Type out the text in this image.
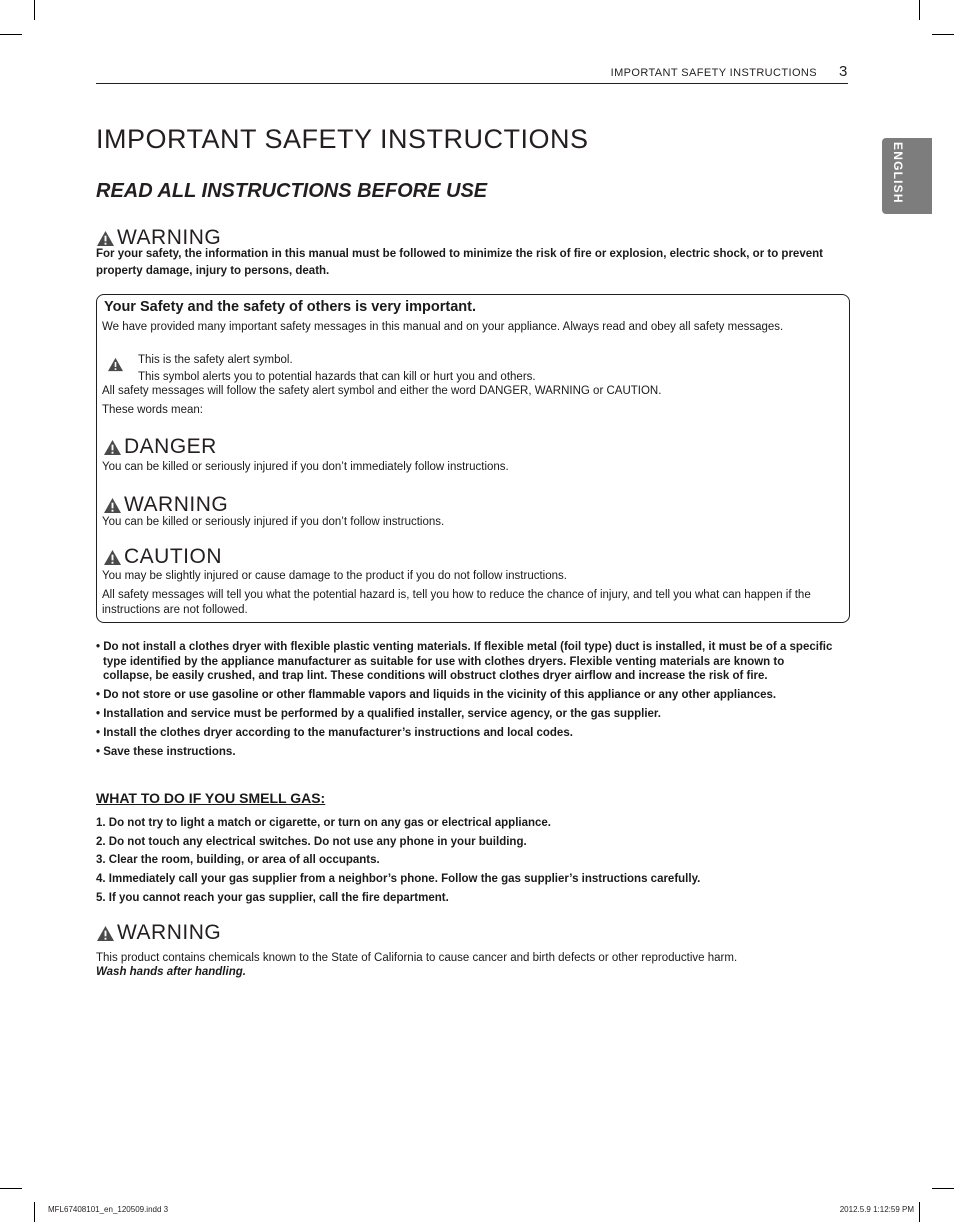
IMPORTANT SAFETY INSTRUCTIONS 3
ENGLISH
IMPORTANT SAFETY INSTRUCTIONS
READ ALL INSTRUCTIONS BEFORE USE
WARNING
For your safety, the information in this manual must be followed to minimize the risk of fire or explosion, electric shock, or to prevent property damage, injury to persons, death.
Your Safety and the safety of others is very important.
We have provided many important safety messages in this manual and on your appliance. Always read and obey all safety messages.
This is the safety alert symbol.
This symbol alerts you to potential hazards that can kill or hurt you and others.
All safety messages will follow the safety alert symbol and either the word DANGER, WARNING or CAUTION.
These words mean:
DANGER
You can be killed or seriously injured if you don’t immediately follow instructions.
WARNING
You can be killed or seriously injured if you don’t follow instructions.
CAUTION
You may be slightly injured or cause damage to the product if you do not follow instructions.
All safety messages will tell you what the potential hazard is, tell you how to reduce the chance of injury, and tell you what can happen if the instructions are not followed.
• Do not install a clothes dryer with flexible plastic venting materials. If flexible metal (foil type) duct is installed, it must be of a specific type identified by the appliance manufacturer as suitable for use with clothes dryers. Flexible venting materials are known to collapse, be easily crushed, and trap lint. These conditions will obstruct clothes dryer airflow and increase the risk of fire.
• Do not store or use gasoline or other flammable vapors and liquids in the vicinity of this appliance or any other appliances.
• Installation and service must be performed by a qualified installer, service agency, or the gas supplier.
• Install the clothes dryer according to the manufacturer’s instructions and local codes.
• Save these instructions.
WHAT TO DO IF YOU SMELL GAS:
1. Do not try to light a match or cigarette, or turn on any gas or electrical appliance.
2. Do not touch any electrical switches. Do not use any phone in your building.
3. Clear the room, building, or area of all occupants.
4. Immediately call your gas supplier from a neighbor’s phone. Follow the gas supplier’s instructions carefully.
5. If you cannot reach your gas supplier, call the fire department.
WARNING
This product contains chemicals known to the State of California to cause cancer and birth defects or other reproductive harm.
Wash hands after handling.
MFL67408101_en_120509.indd 3	2012.5.9 1:12:59 PM
